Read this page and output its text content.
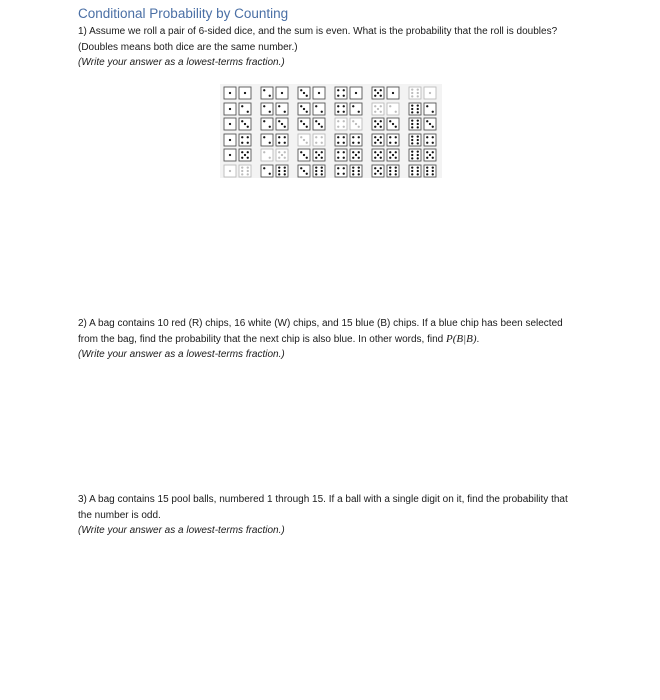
Conditional Probability by Counting

1) Assume we roll a pair of 6-sided dice, and the sum is even. What is the probability that the roll is doubles? (Doubles means both dice are the same number.)

(Write your answer as a lowest-terms fraction.)

2) A bag contains 10 red (R) chips, 16 white (W) chips, and 15 blue (B) chips. If a blue chip has been selected from the bag, find the probability that the next chip is also blue. In other words, find P(B|B).

(Write your answer as a lowest-terms fraction.)

3) A bag contains 15 pool balls, numbered 1 through 15. If a ball with a single digit on it, find the probability that the number is odd.

(Write your answer as a lowest-terms fraction.)
